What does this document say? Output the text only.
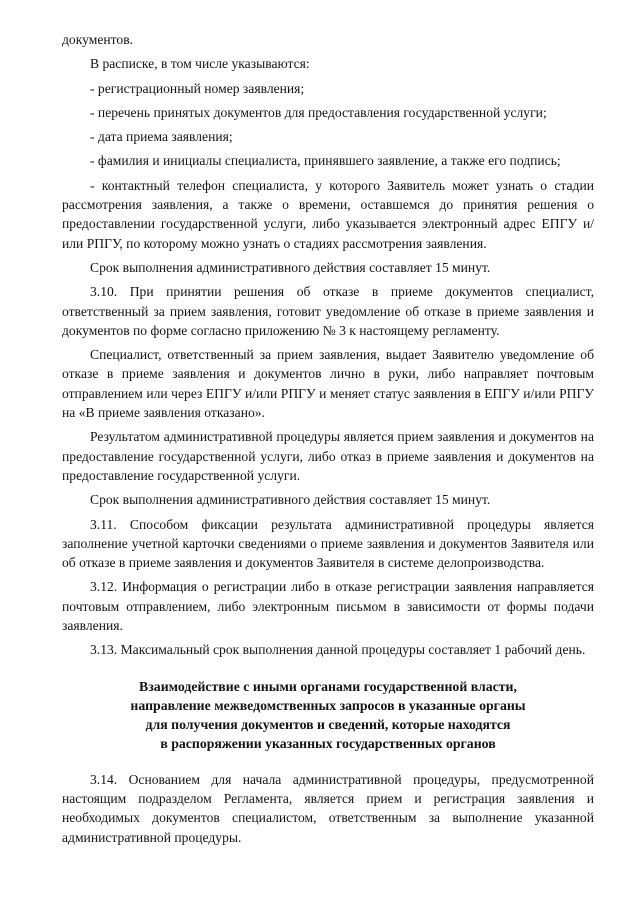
документов.

В расписке, в том числе указываются:

- регистрационный номер заявления;

- перечень принятых документов для предоставления государственной услуги;

- дата приема заявления;

- фамилия и инициалы специалиста, принявшего заявление, а также его подпись;

- контактный телефон специалиста, у которого Заявитель может узнать о стадии рассмотрения заявления, а также о времени, оставшемся до принятия решения о предоставлении государственной услуги, либо указывается электронный адрес ЕПГУ и/или РПГУ, по которому можно узнать о стадиях рассмотрения заявления.

Срок выполнения административного действия составляет 15 минут.

3.10. При принятии решения об отказе в приеме документов специалист, ответственный за прием заявления, готовит уведомление об отказе в приеме заявления и документов по форме согласно приложению № 3 к настоящему регламенту.

Специалист, ответственный за прием заявления, выдает Заявителю уведомление об отказе в приеме заявления и документов лично в руки, либо направляет почтовым отправлением или через ЕПГУ и/или РПГУ и меняет статус заявления в ЕПГУ и/или РПГУ на «В приеме заявления отказано».

Результатом административной процедуры является прием заявления и документов на предоставление государственной услуги, либо отказ в приеме заявления и документов на предоставление государственной услуги.

Срок выполнения административного действия составляет 15 минут.

3.11. Способом фиксации результата административной процедуры является заполнение учетной карточки сведениями о приеме заявления и документов Заявителя или об отказе в приеме заявления и документов Заявителя в системе делопроизводства.

3.12. Информация о регистрации либо в отказе регистрации заявления направляется почтовым отправлением, либо электронным письмом в зависимости от формы подачи заявления.

3.13. Максимальный срок выполнения данной процедуры составляет 1 рабочий день.

Взаимодействие с иными органами государственной власти,
направление межведомственных запросов в указанные органы
для получения документов и сведений, которые находятся
в распоряжении указанных государственных органов

3.14. Основанием для начала административной процедуры, предусмотренной настоящим подразделом Регламента, является прием и регистрация заявления и необходимых документов специалистом, ответственным за выполнение указанной административной процедуры.
